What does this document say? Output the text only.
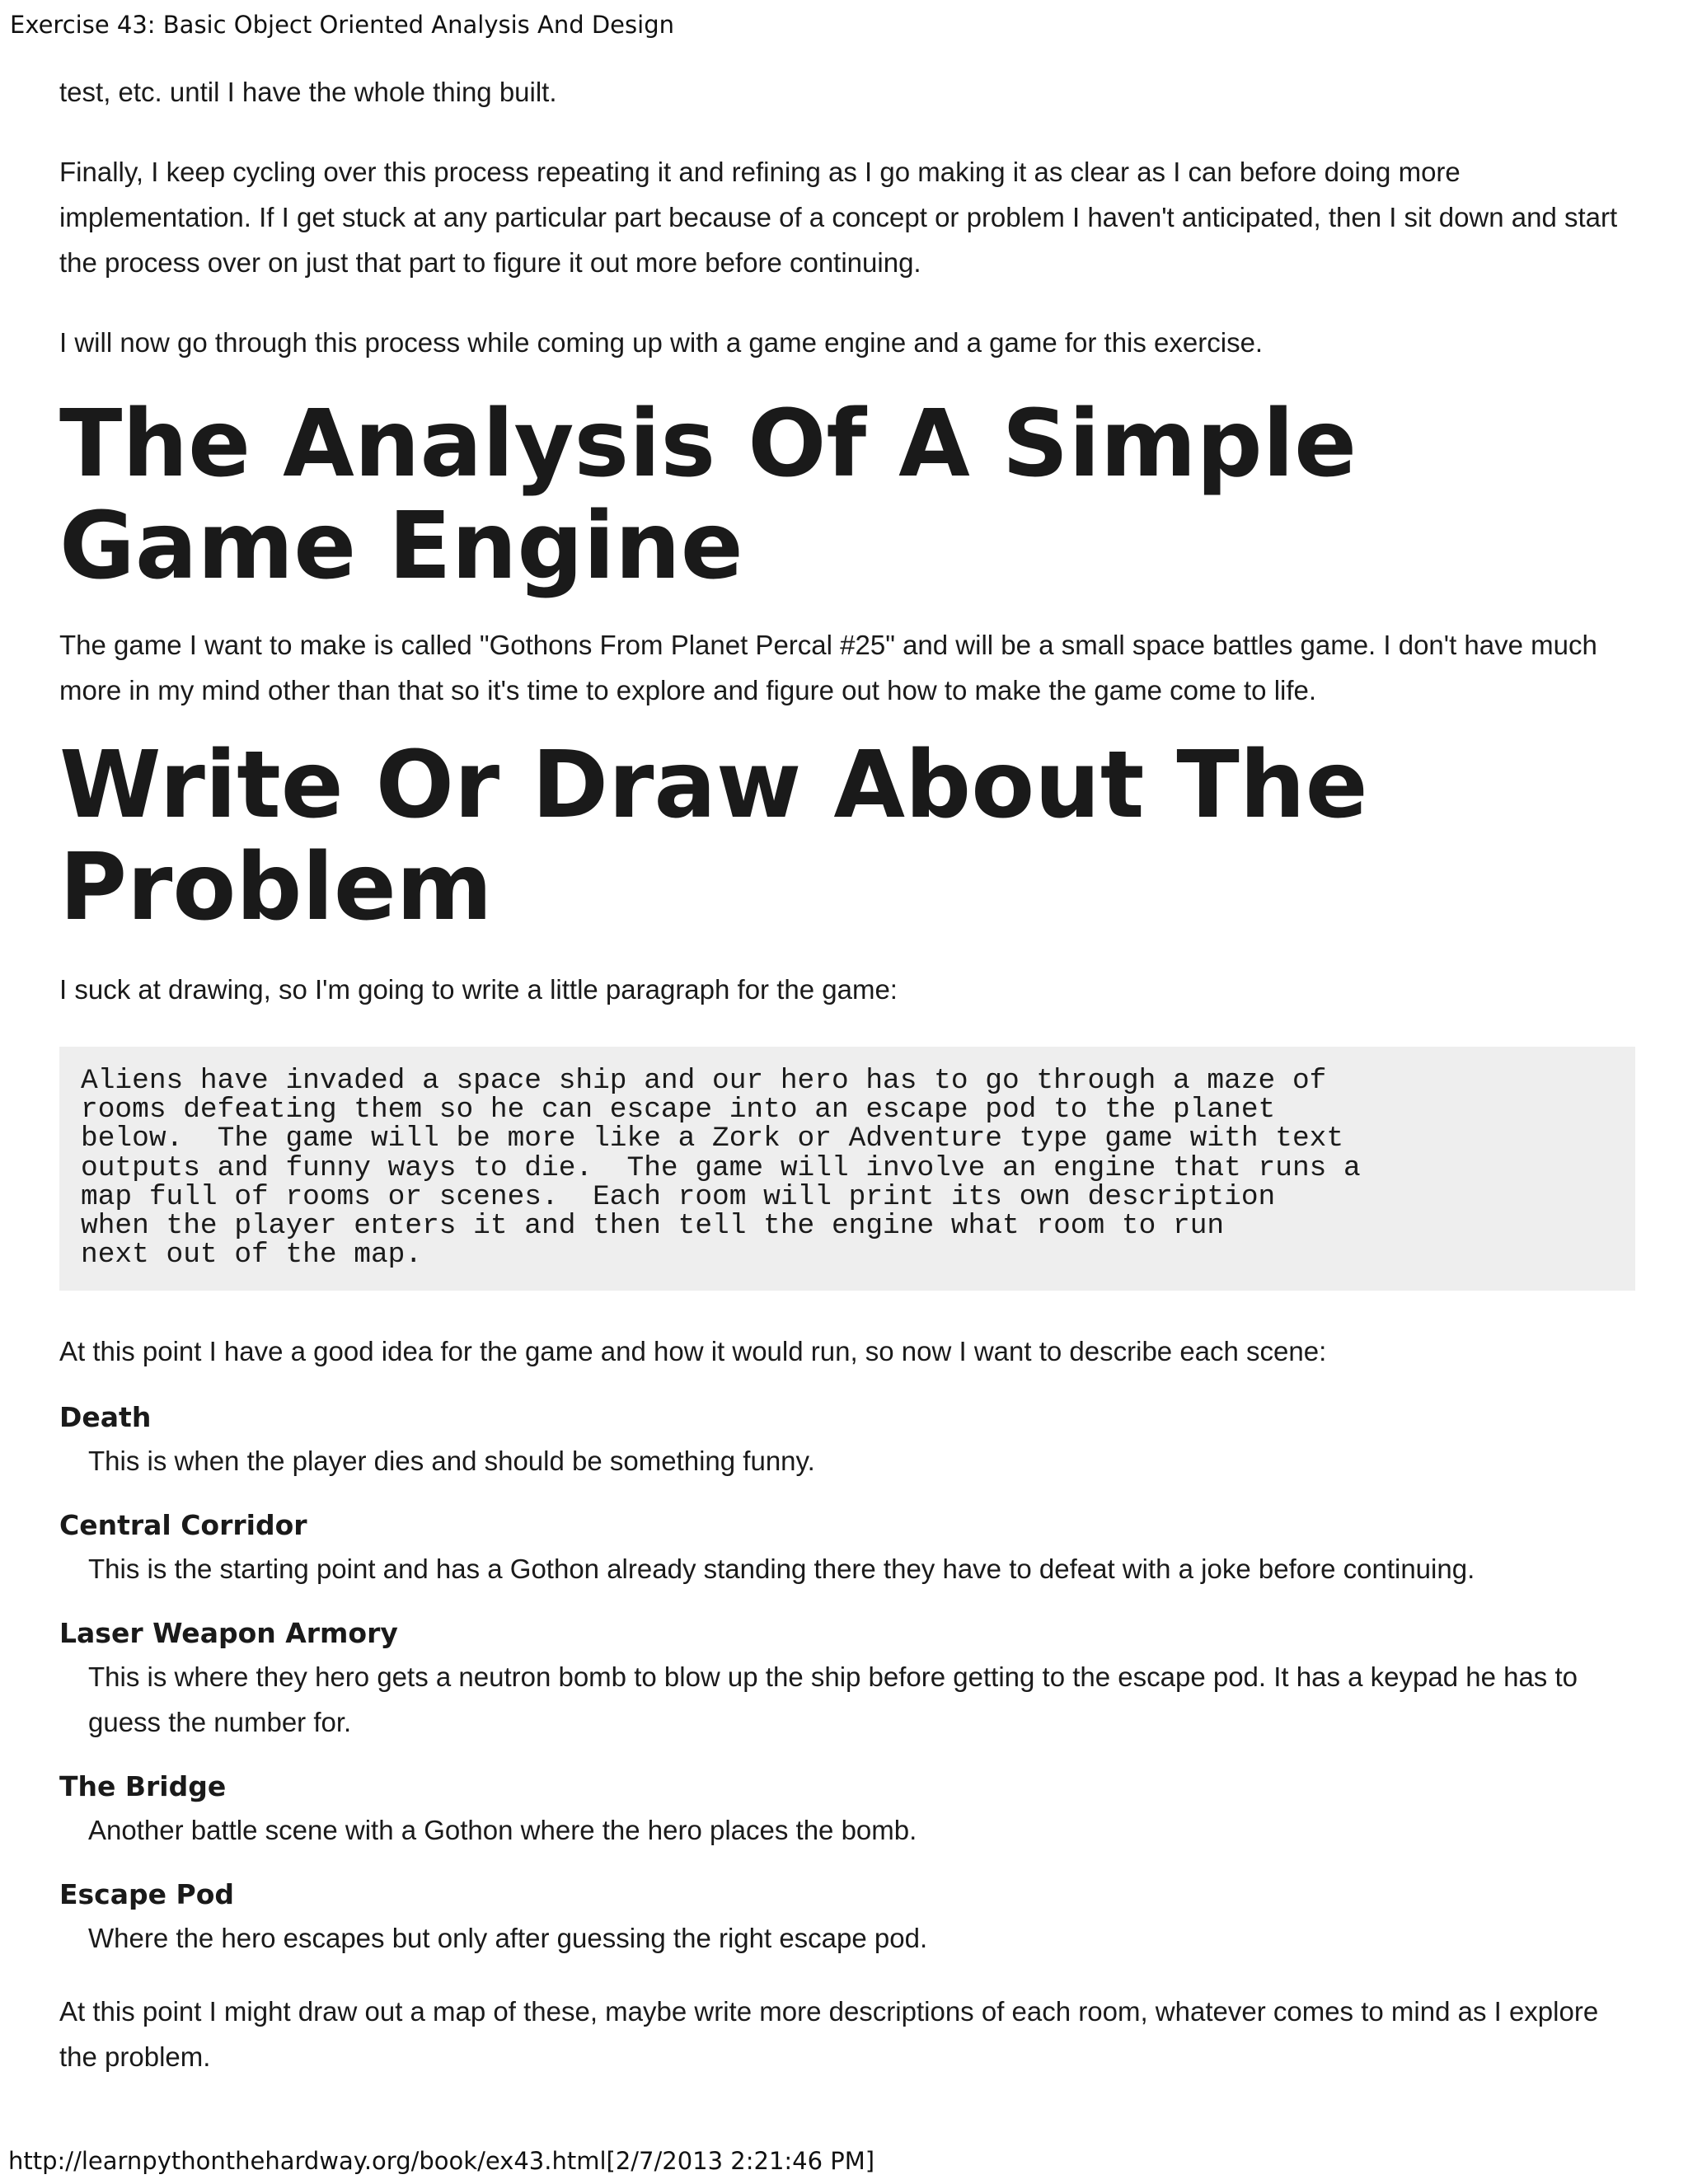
Exercise 43: Basic Object Oriented Analysis And Design

test, etc. until I have the whole thing built.

Finally, I keep cycling over this process repeating it and refining as I go making it as clear as I can before doing more implementation. If I get stuck at any particular part because of a concept or problem I haven't anticipated, then I sit down and start the process over on just that part to figure it out more before continuing.

I will now go through this process while coming up with a game engine and a game for this exercise.

The Analysis Of A Simple Game Engine

The game I want to make is called "Gothons From Planet Percal #25" and will be a small space battles game. I don't have much more in my mind other than that so it's time to explore and figure out how to make the game come to life.

Write Or Draw About The Problem

I suck at drawing, so I'm going to write a little paragraph for the game:

Aliens have invaded a space ship and our hero has to go through a maze of
rooms defeating them so he can escape into an escape pod to the planet
below.  The game will be more like a Zork or Adventure type game with text
outputs and funny ways to die.  The game will involve an engine that runs a
map full of rooms or scenes.  Each room will print its own description
when the player enters it and then tell the engine what room to run
next out of the map.

At this point I have a good idea for the game and how it would run, so now I want to describe each scene:

Death
This is when the player dies and should be something funny.
Central Corridor
This is the starting point and has a Gothon already standing there they have to defeat with a joke before continuing.
Laser Weapon Armory
This is where they hero gets a neutron bomb to blow up the ship before getting to the escape pod. It has a keypad he has to guess the number for.
The Bridge
Another battle scene with a Gothon where the hero places the bomb.
Escape Pod
Where the hero escapes but only after guessing the right escape pod.

At this point I might draw out a map of these, maybe write more descriptions of each room, whatever comes to mind as I explore the problem.

http://learnpythonthehardway.org/book/ex43.html[2/7/2013 2:21:46 PM]
